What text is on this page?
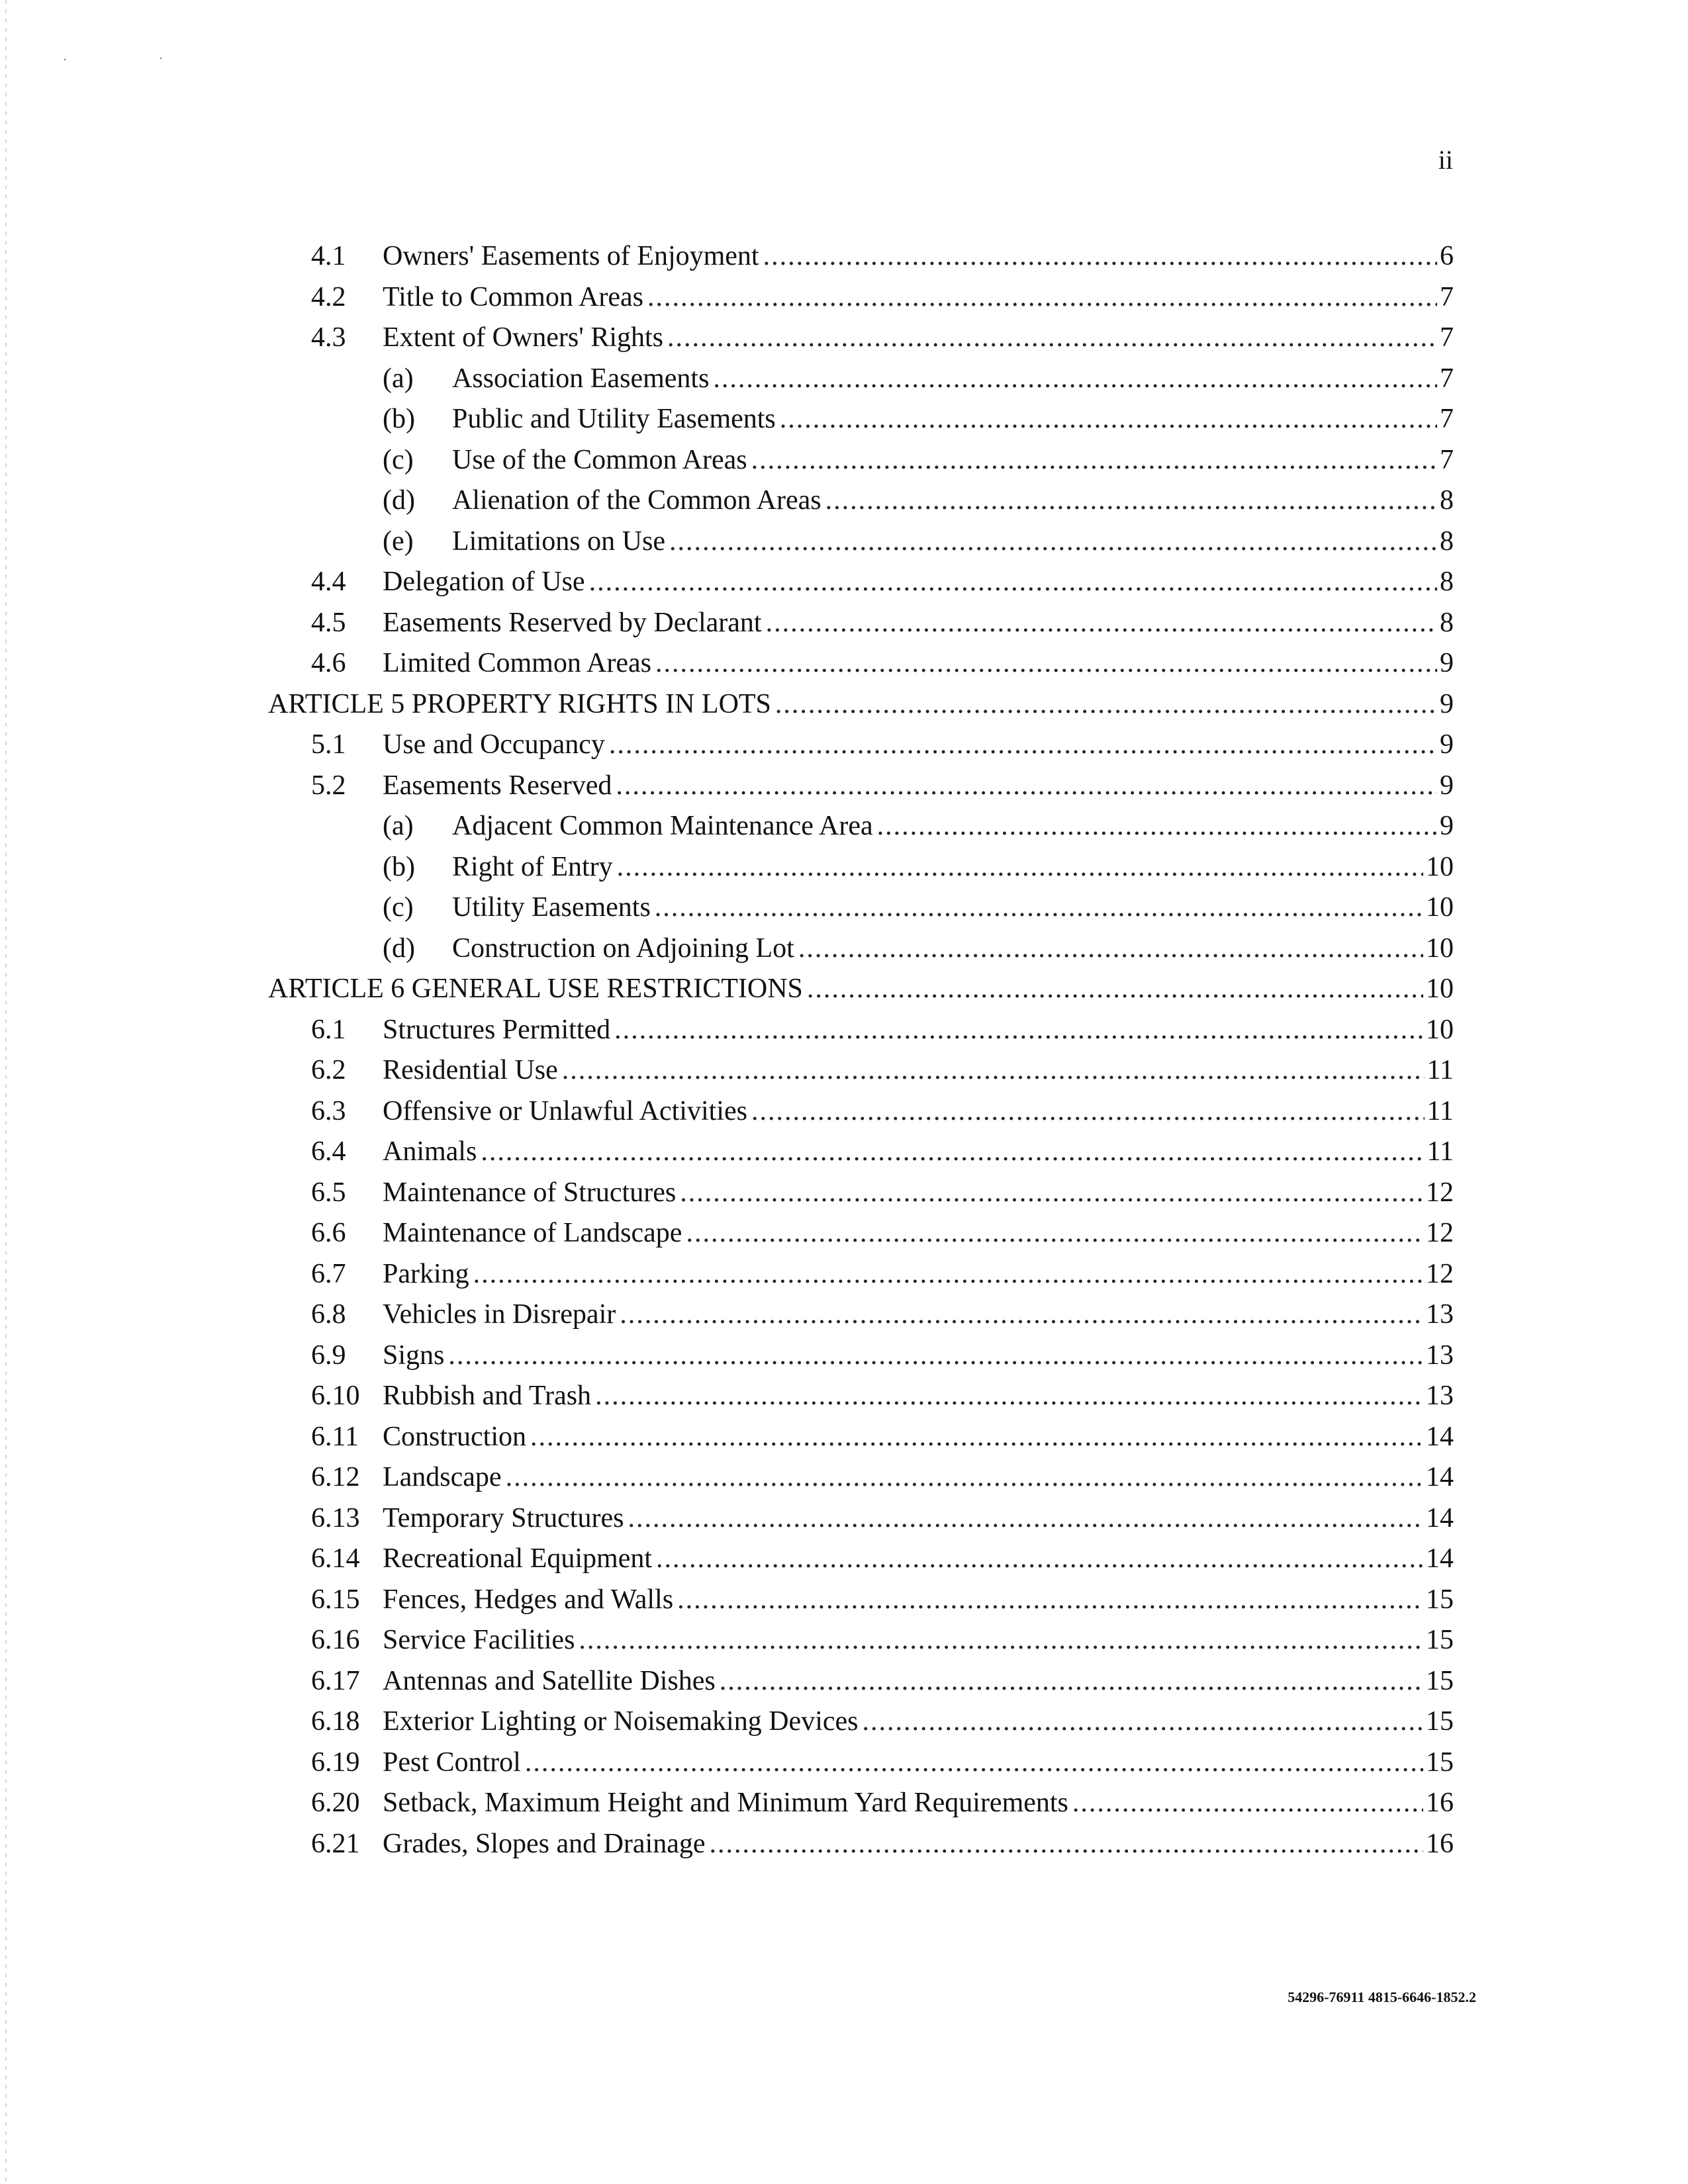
·	·
ii
4.1	Owners' Easements of Enjoyment .....	6
4.2	Title to Common Areas .....	7
4.3	Extent of Owners' Rights .....	7
(a)	Association Easements .....	7
(b)	Public and Utility Easements .....	7
(c)	Use of the Common Areas .....	7
(d)	Alienation of the Common Areas .....	8
(e)	Limitations on Use .....	8
4.4	Delegation of Use .....	8
4.5	Easements Reserved by Declarant .....	8
4.6	Limited Common Areas .....	9
ARTICLE 5 PROPERTY RIGHTS IN LOTS .....	9
5.1	Use and Occupancy .....	9
5.2	Easements Reserved .....	9
(a)	Adjacent Common Maintenance Area .....	9
(b)	Right of Entry .....	10
(c)	Utility Easements .....	10
(d)	Construction on Adjoining Lot .....	10
ARTICLE 6 GENERAL USE RESTRICTIONS .....	10
6.1	Structures Permitted .....	10
6.2	Residential Use .....	11
6.3	Offensive or Unlawful Activities .....	11
6.4	Animals .....	11
6.5	Maintenance of Structures .....	12
6.6	Maintenance of Landscape .....	12
6.7	Parking .....	12
6.8	Vehicles in Disrepair .....	13
6.9	Signs .....	13
6.10 Rubbish and Trash .....	13
6.11 Construction .....	14
6.12 Landscape .....	14
6.13 Temporary Structures .....	14
6.14 Recreational Equipment .....	14
6.15 Fences, Hedges and Walls .....	15
6.16 Service Facilities .....	15
6.17 Antennas and Satellite Dishes .....	15
6.18 Exterior Lighting or Noisemaking Devices .....	15
6.19 Pest Control .....	15
6.20 Setback, Maximum Height and Minimum Yard Requirements .....	16
6.21 Grades, Slopes and Drainage .....	16
54296-76911 4815-6646-1852.2
